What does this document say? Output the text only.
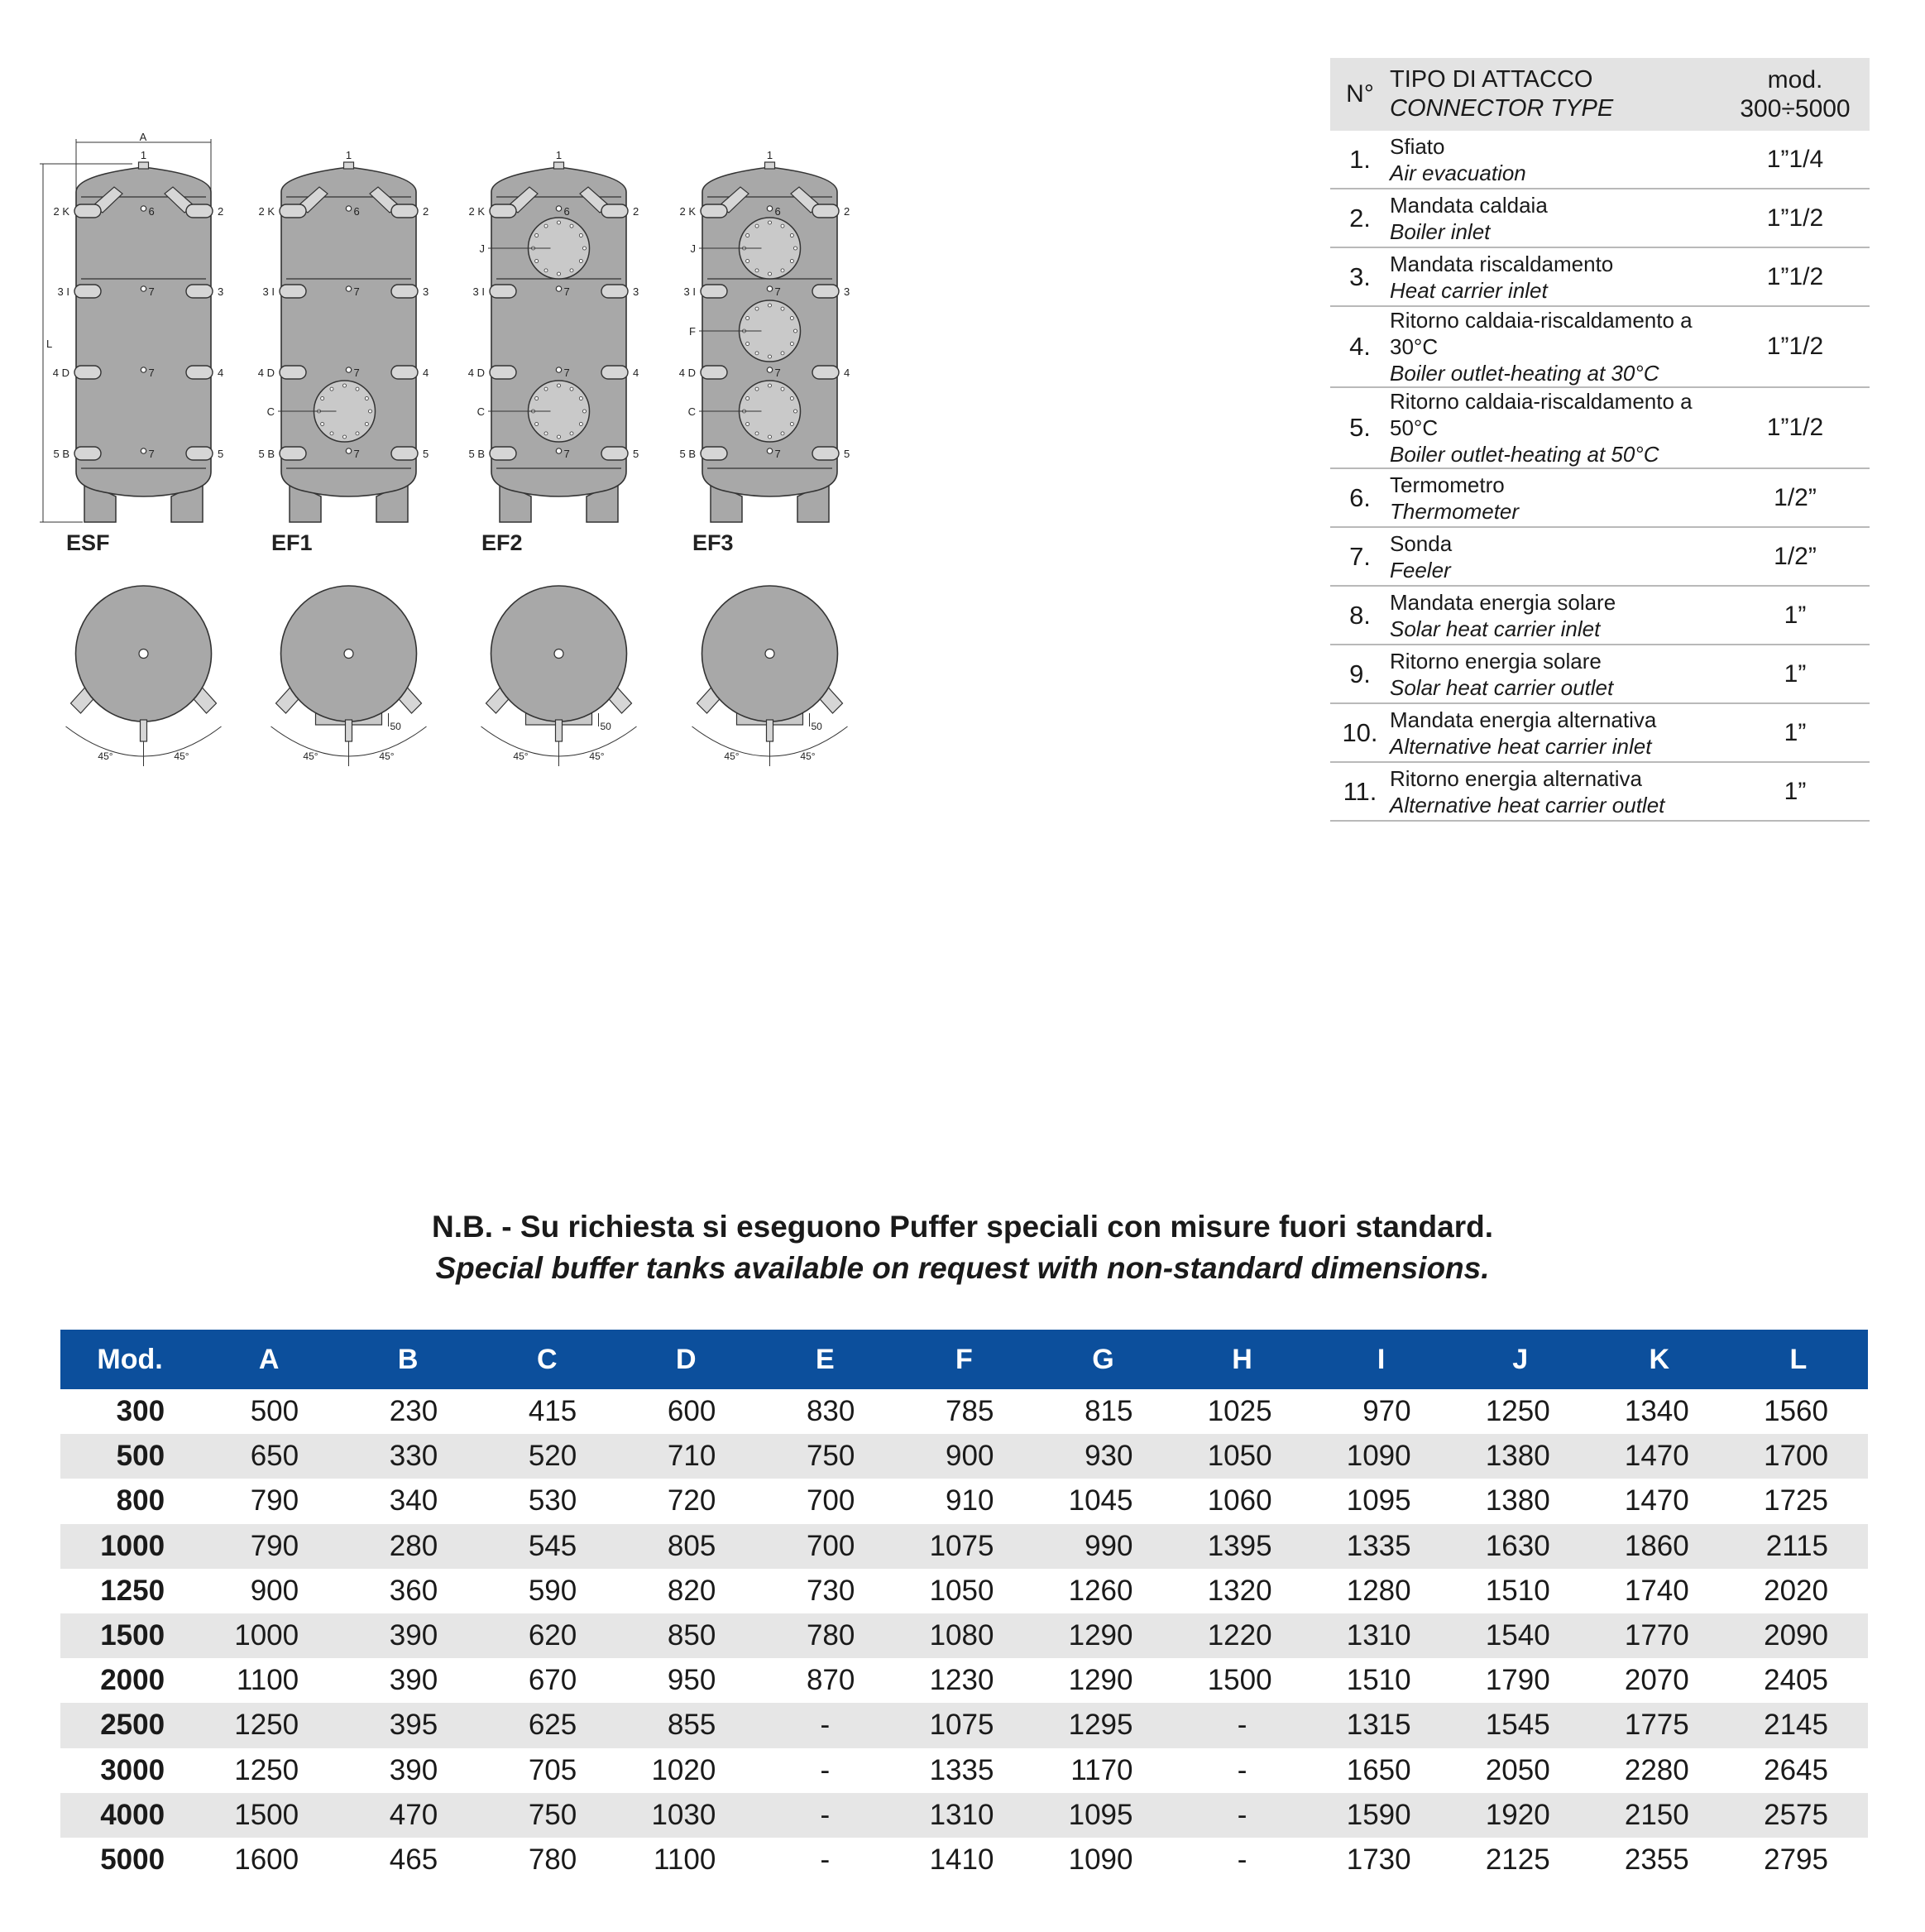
1
2 K	2
3 I	3
4 D	4
5 B	5
6
7
7
7
ESF
45°	45°
1
2 K	2
3 I	3
4 D	4
5 B	5
6
7
7
7
C
EF1
50
45°	45°
1
2 K	2
3 I	3
4 D	4
5 B	5
6
7
7
7
J
C
EF2
50
45°	45°
1
2 K	2
3 I	3
4 D	4
5 B	5
6
7
7
7
J
F
C
EF3
50
45°	45°
A
L
N°	TIPO DI ATTACCO
CONNECTOR TYPE	mod.
300÷5000
1.	Sfiato
Air evacuation	1”1/4
2.	Mandata caldaia
Boiler inlet	1”1/2
3.	Mandata riscaldamento
Heat carrier inlet	1”1/2
4.	Ritorno caldaia-riscaldamento a 30°C
Boiler outlet-heating at 30°C	1”1/2
5.	Ritorno caldaia-riscaldamento a 50°C
Boiler outlet-heating at 50°C	1”1/2
6.	Termometro
Thermometer	1/2”
7.	Sonda
Feeler	1/2”
8.	Mandata energia solare
Solar heat carrier inlet	1”
9.	Ritorno energia solare
Solar heat carrier outlet	1”
10.	Mandata energia alternativa
Alternative heat carrier inlet	1”
11.	Ritorno energia alternativa
Alternative heat carrier outlet	1”
N.B. - Su richiesta si eseguono Puffer speciali con misure fuori standard.
Special buffer tanks available on request with non-standard dimensions.
Mod.	A	B	C	D	E	F	G	H	I	J	K	L
300	500	230	415	600	830	785	815	1025	970	1250	1340	1560
500	650	330	520	710	750	900	930	1050	1090	1380	1470	1700
800	790	340	530	720	700	910	1045	1060	1095	1380	1470	1725
1000	790	280	545	805	700	1075	990	1395	1335	1630	1860	2115
1250	900	360	590	820	730	1050	1260	1320	1280	1510	1740	2020
1500	1000	390	620	850	780	1080	1290	1220	1310	1540	1770	2090
2000	1100	390	670	950	870	1230	1290	1500	1510	1790	2070	2405
2500	1250	395	625	855	-	1075	1295	-	1315	1545	1775	2145
3000	1250	390	705	1020	-	1335	1170	-	1650	2050	2280	2645
4000	1500	470	750	1030	-	1310	1095	-	1590	1920	2150	2575
5000	1600	465	780	1100	-	1410	1090	-	1730	2125	2355	2795
